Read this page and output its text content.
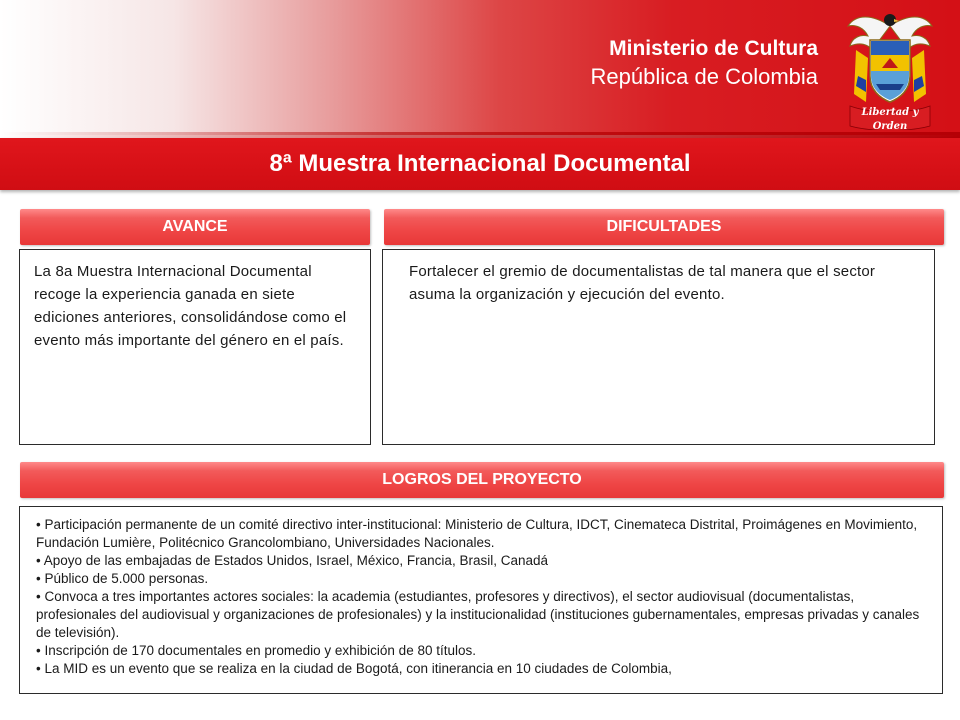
Ministerio de Cultura
República de Colombia
Libertad y Orden
8ª Muestra Internacional Documental
AVANCE
La 8a Muestra Internacional Documental recoge la experiencia ganada en siete ediciones anteriores, consolidándose como el evento más importante del género en el país.
DIFICULTADES
Fortalecer el gremio de documentalistas de tal manera que el sector asuma la organización y ejecución del evento.
LOGROS DEL PROYECTO
• Participación permanente de un comité directivo inter-institucional: Ministerio de Cultura, IDCT, Cinemateca Distrital, Proimágenes en Movimiento, Fundación Lumière, Politécnico Grancolombiano, Universidades Nacionales.
• Apoyo de las embajadas de Estados Unidos, Israel, México, Francia, Brasil, Canadá
• Público de 5.000 personas.
• Convoca a tres importantes actores sociales: la academia (estudiantes, profesores y directivos), el sector audiovisual (documentalistas, profesionales del audiovisual y organizaciones de profesionales) y la institucionalidad (instituciones gubernamentales, empresas privadas y canales de televisión).
• Inscripción de 170 documentales en promedio y exhibición de 80 títulos.
• La MID es un evento que se realiza en la ciudad de Bogotá, con itinerancia en 10 ciudades de Colombia,
